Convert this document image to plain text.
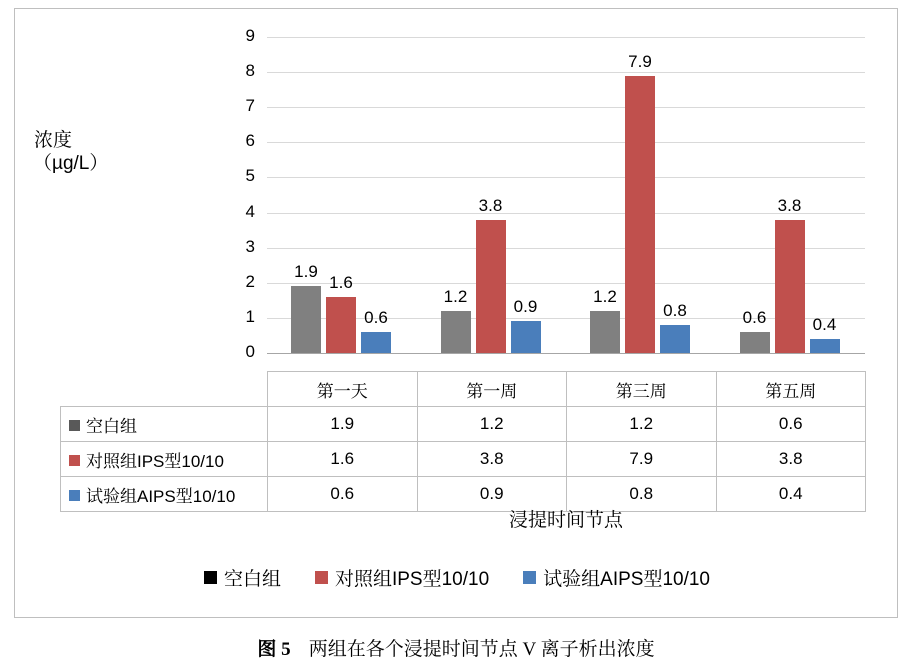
浓度（µg/L）
0
1
2
3
4
5
6
7
8
9
1.9
1.6
0.6
1.2
3.8
0.9
1.2
7.9
0.8	0.6
3.8
0.4
	第一天	第一周	第三周	第五周
空白组	1.9	1.2	1.2	0.6
对照组IPS型10/10	1.6	3.8	7.9	3.8
试验组AIPS型10/10	0.6	0.9	0.8	0.4
浸提时间节点
空白组	对照组IPS型10/10	试验组AIPS型10/10
图 5 两组在各个浸提时间节点 V 离子析出浓度
